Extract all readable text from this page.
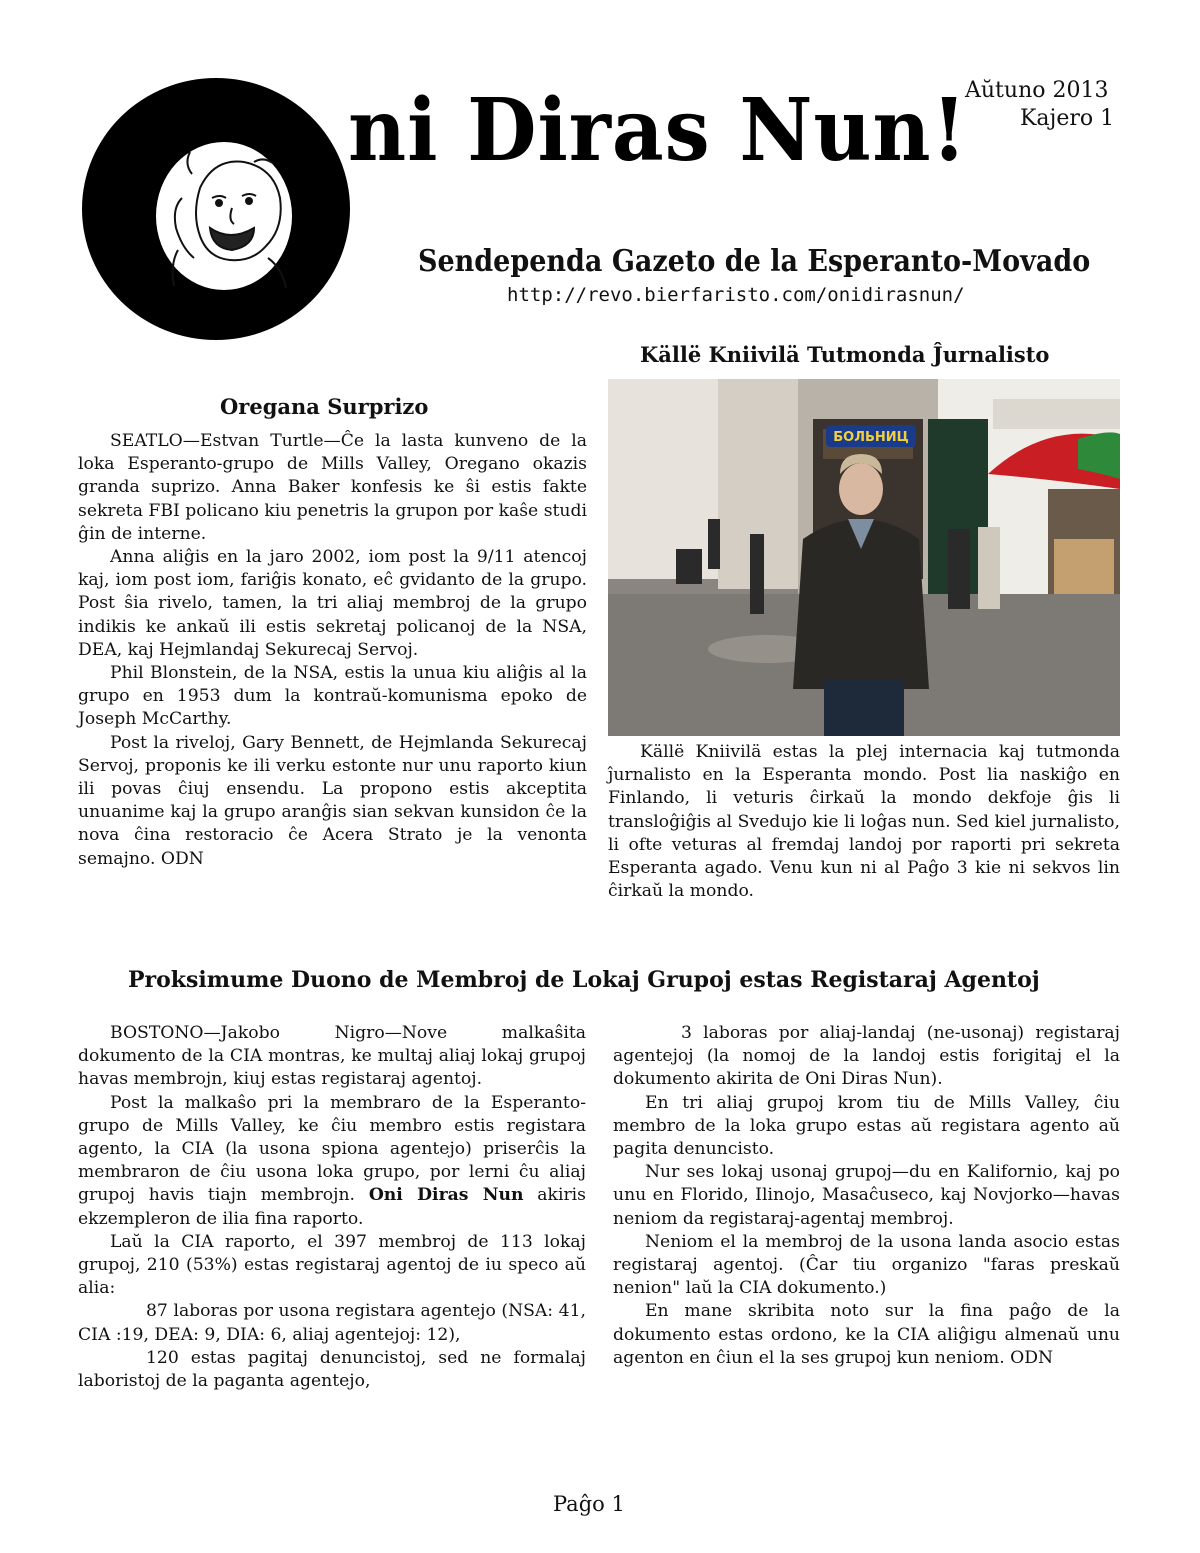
ni Diras Nun!
Aŭtuno 2013
Kajero 1
Sendependa Gazeto de la Esperanto-Movado
http://revo.bierfaristo.com/onidirasnun/
Oregana Surprizo

SEATLO—Estvan Turtle—Ĉe la lasta kunveno de la loka Esperanto-grupo de Mills Valley, Oregano okazis granda suprizo. Anna Baker konfesis ke ŝi estis fakte sekreta FBI policano kiu penetris la grupon por kaŝe studi ĝin de interne.

Anna aliĝis en la jaro 2002, iom post la 9/11 atencoj kaj, iom post iom, fariĝis konato, eĉ gvidanto de la grupo. Post ŝia rivelo, tamen, la tri aliaj membroj de la grupo indikis ke ankaŭ ili estis sekretaj policanoj de la NSA, DEA, kaj Hejmlandaj Sekurecaj Servoj.

Phil Blonstein, de la NSA, estis la unua kiu aliĝis al la grupo en 1953 dum la kontraŭ-komunisma epoko de Joseph McCarthy.

Post la riveloj, Gary Bennett, de Hejmlanda Sekurecaj Servoj, proponis ke ili verku estonte nur unu raporto kiun ili povas ĉiuj ensendu. La propono estis akceptita unuanime kaj la grupo aranĝis sian sekvan kunsidon ĉe la nova ĉina restoracio ĉe Acera Strato je la venonta semajno. ODN

Källë Kniivilä Tutmonda Ĵurnalisto
БОЛЬНИЦ

Källë Kniivilä estas la plej internacia kaj tutmonda ĵurnalisto en la Esperanta mondo. Post lia naskiĝo en Finlando, li veturis ĉirkaŭ la mondo dekfoje ĝis li transloĝiĝis al Svedujo kie li loĝas nun. Sed kiel jurnalisto, li ofte veturas al fremdaj landoj por raporti pri sekreta Esperanta agado. Venu kun ni al Paĝo 3 kie ni sekvos lin ĉirkaŭ la mondo.

Proksimume Duono de Membroj de Lokaj Grupoj estas Registaraj Agentoj

BOSTONO—Jakobo Nigro—Nove malkaŝita dokumento de la CIA montras, ke multaj aliaj lokaj grupoj havas membrojn, kiuj estas registaraj agentoj.

Post la malkaŝo pri la membraro de la Esperanto-grupo de Mills Valley, ke ĉiu membro estis registara agento, la CIA (la usona spiona agentejo) priserĉis la membraron de ĉiu usona loka grupo, por lerni ĉu aliaj grupoj havis tiajn membrojn. Oni Diras Nun akiris ekzempleron de ilia fina raporto.

Laŭ la CIA raporto, el 397 membroj de 113 lokaj grupoj, 210 (53%) estas registaraj agentoj de iu speco aŭ alia:

87 laboras por usona registara agentejo (NSA: 41, CIA :19, DEA: 9, DIA: 6, aliaj agentejoj: 12),

120 estas pagitaj denuncistoj, sed ne formalaj laboristoj de la paganta agentejo,

3 laboras por aliaj-landaj (ne-usonaj) registaraj agentejoj (la nomoj de la landoj estis forigitaj el la dokumento akirita de Oni Diras Nun).

En tri aliaj grupoj krom tiu de Mills Valley, ĉiu membro de la loka grupo estas aŭ registara agento aŭ pagita denuncisto.

Nur ses lokaj usonaj grupoj—du en Kalifornio, kaj po unu en Florido, Ilinojo, Masaĉuseco, kaj Novjorko—havas neniom da registaraj-agentaj membroj.

Neniom el la membroj de la usona landa asocio estas registaraj agentoj. (Ĉar tiu organizo "faras preskaŭ nenion" laŭ la CIA dokumento.)

En mane skribita noto sur la fina paĝo de la dokumento estas ordono, ke la CIA aliĝigu almenaŭ unu agenton en ĉiun el la ses grupoj kun neniom. ODN

Paĝo 1
